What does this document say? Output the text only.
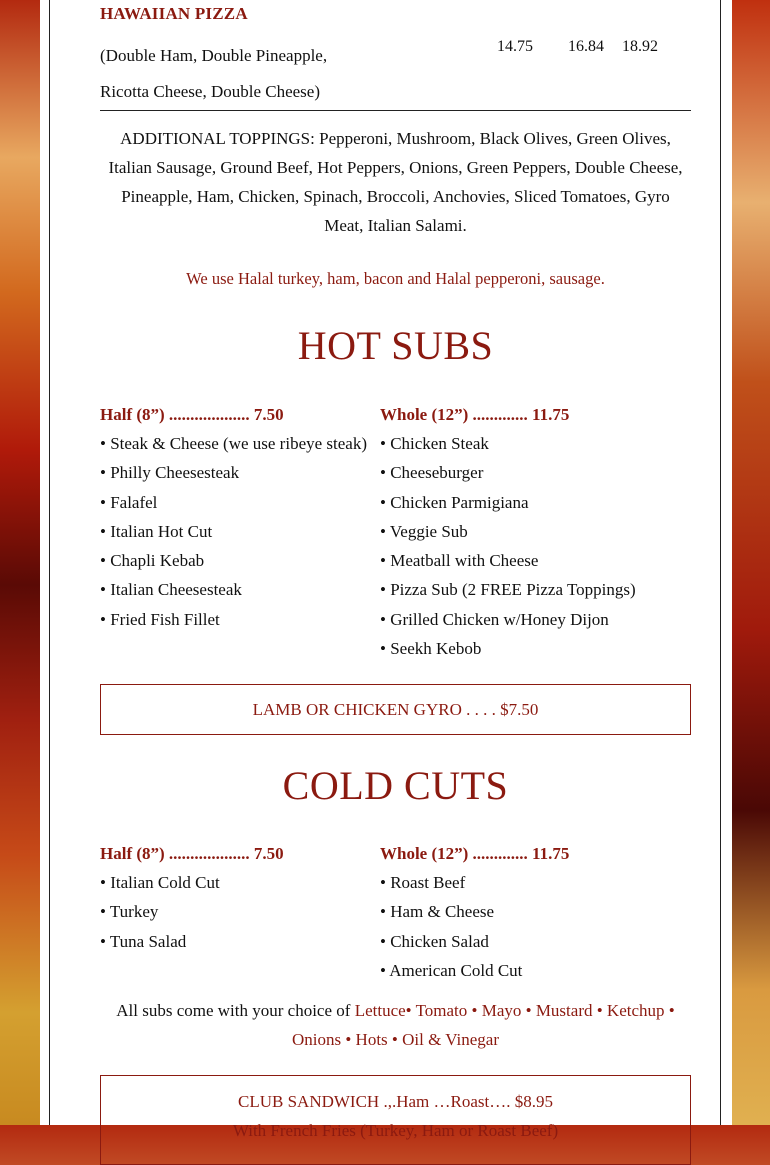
HAWAIIAN PIZZA
(Double Ham, Double Pineapple,
Ricotta Cheese, Double Cheese)
14.75 16.84 18.92
ADDITIONAL TOPPINGS: Pepperoni, Mushroom, Black Olives, Green Olives, Italian Sausage, Ground Beef, Hot Peppers, Onions, Green Peppers, Double Cheese, Pineapple, Ham, Chicken, Spinach, Broccoli, Anchovies, Sliced Tomatoes, Gyro Meat, Italian Salami.
We use Halal turkey, ham, bacon and Halal pepperoni, sausage.
HOT SUBS
Half (8”) ................... 7.50
• Steak & Cheese (we use ribeye steak)
• Philly Cheesesteak
• Falafel
• Italian Hot Cut
• Chapli Kebab
• Italian Cheesesteak
• Fried Fish Fillet
Whole (12”) ............. 11.75
• Chicken Steak
• Cheeseburger
• Chicken Parmigiana
• Veggie Sub
• Meatball with Cheese
• Pizza Sub (2 FREE Pizza Toppings)
• Grilled Chicken w/Honey Dijon
• Seekh Kebob
LAMB OR CHICKEN GYRO . . . . $7.50
COLD CUTS
Half (8”) ................... 7.50
• Italian Cold Cut
• Turkey
• Tuna Salad
Whole (12”) ............. 11.75
• Roast Beef
• Ham & Cheese
• Chicken Salad
• American Cold Cut
All subs come with your choice of Lettuce• Tomato • Mayo • Mustard • Ketchup •
Onions • Hots • Oil & Vinegar
CLUB SANDWICH .,.Ham …Roast…. $8.95
With French Fries (Turkey, Ham or Roast Beef)
